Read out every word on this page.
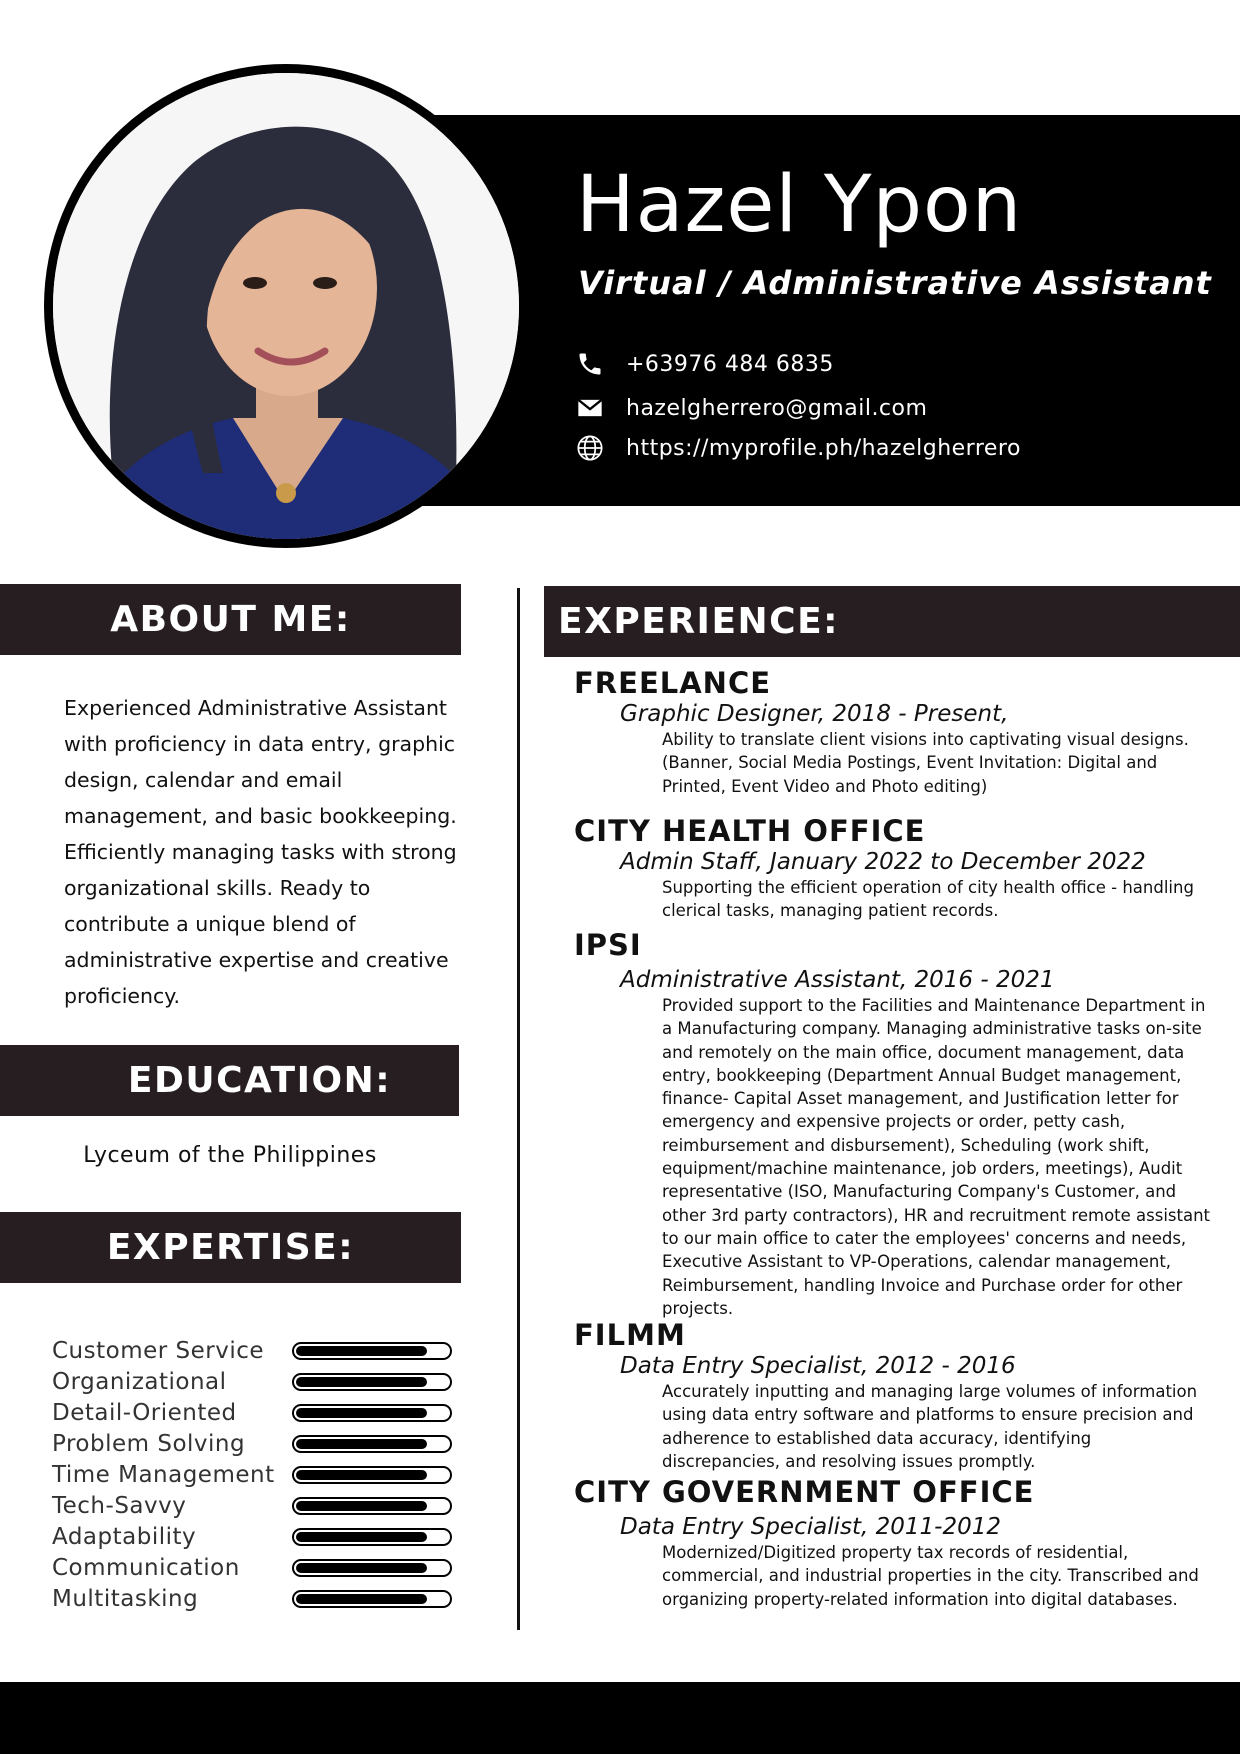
Hazel Ypon
Virtual / Administrative Assistant
+63976 484 6835
hazelgherrero@gmail.com
https://myprofile.ph/hazelgherrero
ABOUT ME:

Experienced Administrative Assistant with proficiency in data entry, graphic design, calendar and email management, and basic bookkeeping. Efficiently managing tasks with strong organizational skills. Ready to contribute a unique blend of administrative expertise and creative proficiency.

EDUCATION:
Lyceum of the Philippines
EXPERTISE:
Customer Service
Organizational
Detail-Oriented
Problem Solving
Time Management
Tech-Savvy
Adaptability
Communication
Multitasking
EXPERIENCE:
FREELANCE
Graphic Designer, 2018 - Present,

Ability to translate client visions into captivating visual designs. (Banner, Social Media Postings, Event Invitation: Digital and Printed, Event Video and Photo editing)

CITY HEALTH OFFICE
Admin Staff, January 2022 to December 2022

Supporting the efficient operation of city health office - handling clerical tasks, managing patient records.

IPSI
Administrative Assistant, 2016 - 2021

Provided support to the Facilities and Maintenance Department in a Manufacturing company. Managing administrative tasks on-site and remotely on the main office, document management, data entry, bookkeeping (Department Annual Budget management, finance- Capital Asset management, and Justification letter for emergency and expensive projects or order, petty cash, reimbursement and disbursement), Scheduling (work shift, equipment/machine maintenance, job orders, meetings), Audit representative (ISO, Manufacturing Company's Customer, and other 3rd party contractors), HR and recruitment remote assistant to our main office to cater the employees' concerns and needs, Executive Assistant to VP-Operations, calendar management, Reimbursement, handling Invoice and Purchase order for other projects.

FILMM
Data Entry Specialist, 2012 - 2016

Accurately inputting and managing large volumes of information using data entry software and platforms to ensure precision and adherence to established data accuracy, identifying discrepancies, and resolving issues promptly.

CITY GOVERNMENT OFFICE
Data Entry Specialist, 2011-2012

Modernized/Digitized property tax records of residential, commercial, and industrial properties in the city. Transcribed and organizing property-related information into digital databases.
